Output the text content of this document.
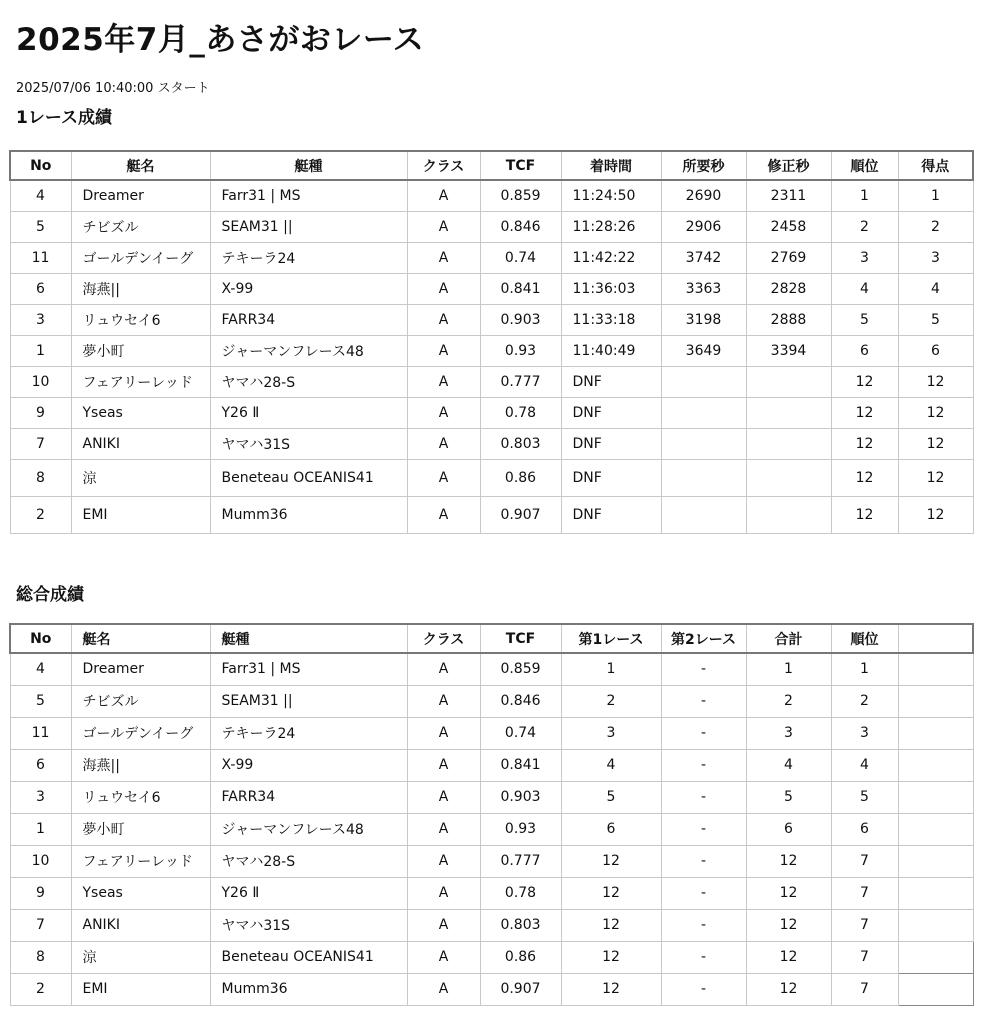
2025年7月_あさがおレース
2025/07/06 10:40:00 スタート
1レース成績
No	艇名	艇種	クラス	TCF	着時間	所要秒	修正秒	順位	得点
4	Dreamer	Farr31 | MS	A	0.859	11:24:50	2690	2311	1	1
5	チビズル	SEAM31 ||	A	0.846	11:28:26	2906	2458	2	2
11	ゴールデンイーグ	テキーラ24	A	0.74	11:42:22	3742	2769	3	3
6	海燕||	X-99	A	0.841	11:36:03	3363	2828	4	4
3	リュウセイ6	FARR34	A	0.903	11:33:18	3198	2888	5	5
1	夢小町	ジャーマンフレース48	A	0.93	11:40:49	3649	3394	6	6
10	フェアリーレッド	ヤマハ28-S	A	0.777	DNF			12	12
9	Yseas	Y26 Ⅱ	A	0.78	DNF			12	12
7	ANIKI	ヤマハ31S	A	0.803	DNF			12	12
8	涼	Beneteau OCEANIS41	A	0.86	DNF			12	12
2	EMI	Mumm36	A	0.907	DNF			12	12
総合成績
No	艇名	艇種	クラス	TCF	第1レース	第2レース	合計	順位	
4	Dreamer	Farr31 | MS	A	0.859	1	-	1	1	
5	チビズル	SEAM31 ||	A	0.846	2	-	2	2	
11	ゴールデンイーグ	テキーラ24	A	0.74	3	-	3	3	
6	海燕||	X-99	A	0.841	4	-	4	4	
3	リュウセイ6	FARR34	A	0.903	5	-	5	5	
1	夢小町	ジャーマンフレース48	A	0.93	6	-	6	6	
10	フェアリーレッド	ヤマハ28-S	A	0.777	12	-	12	7	
9	Yseas	Y26 Ⅱ	A	0.78	12	-	12	7	
7	ANIKI	ヤマハ31S	A	0.803	12	-	12	7	
8	涼	Beneteau OCEANIS41	A	0.86	12	-	12	7	
2	EMI	Mumm36	A	0.907	12	-	12	7	
